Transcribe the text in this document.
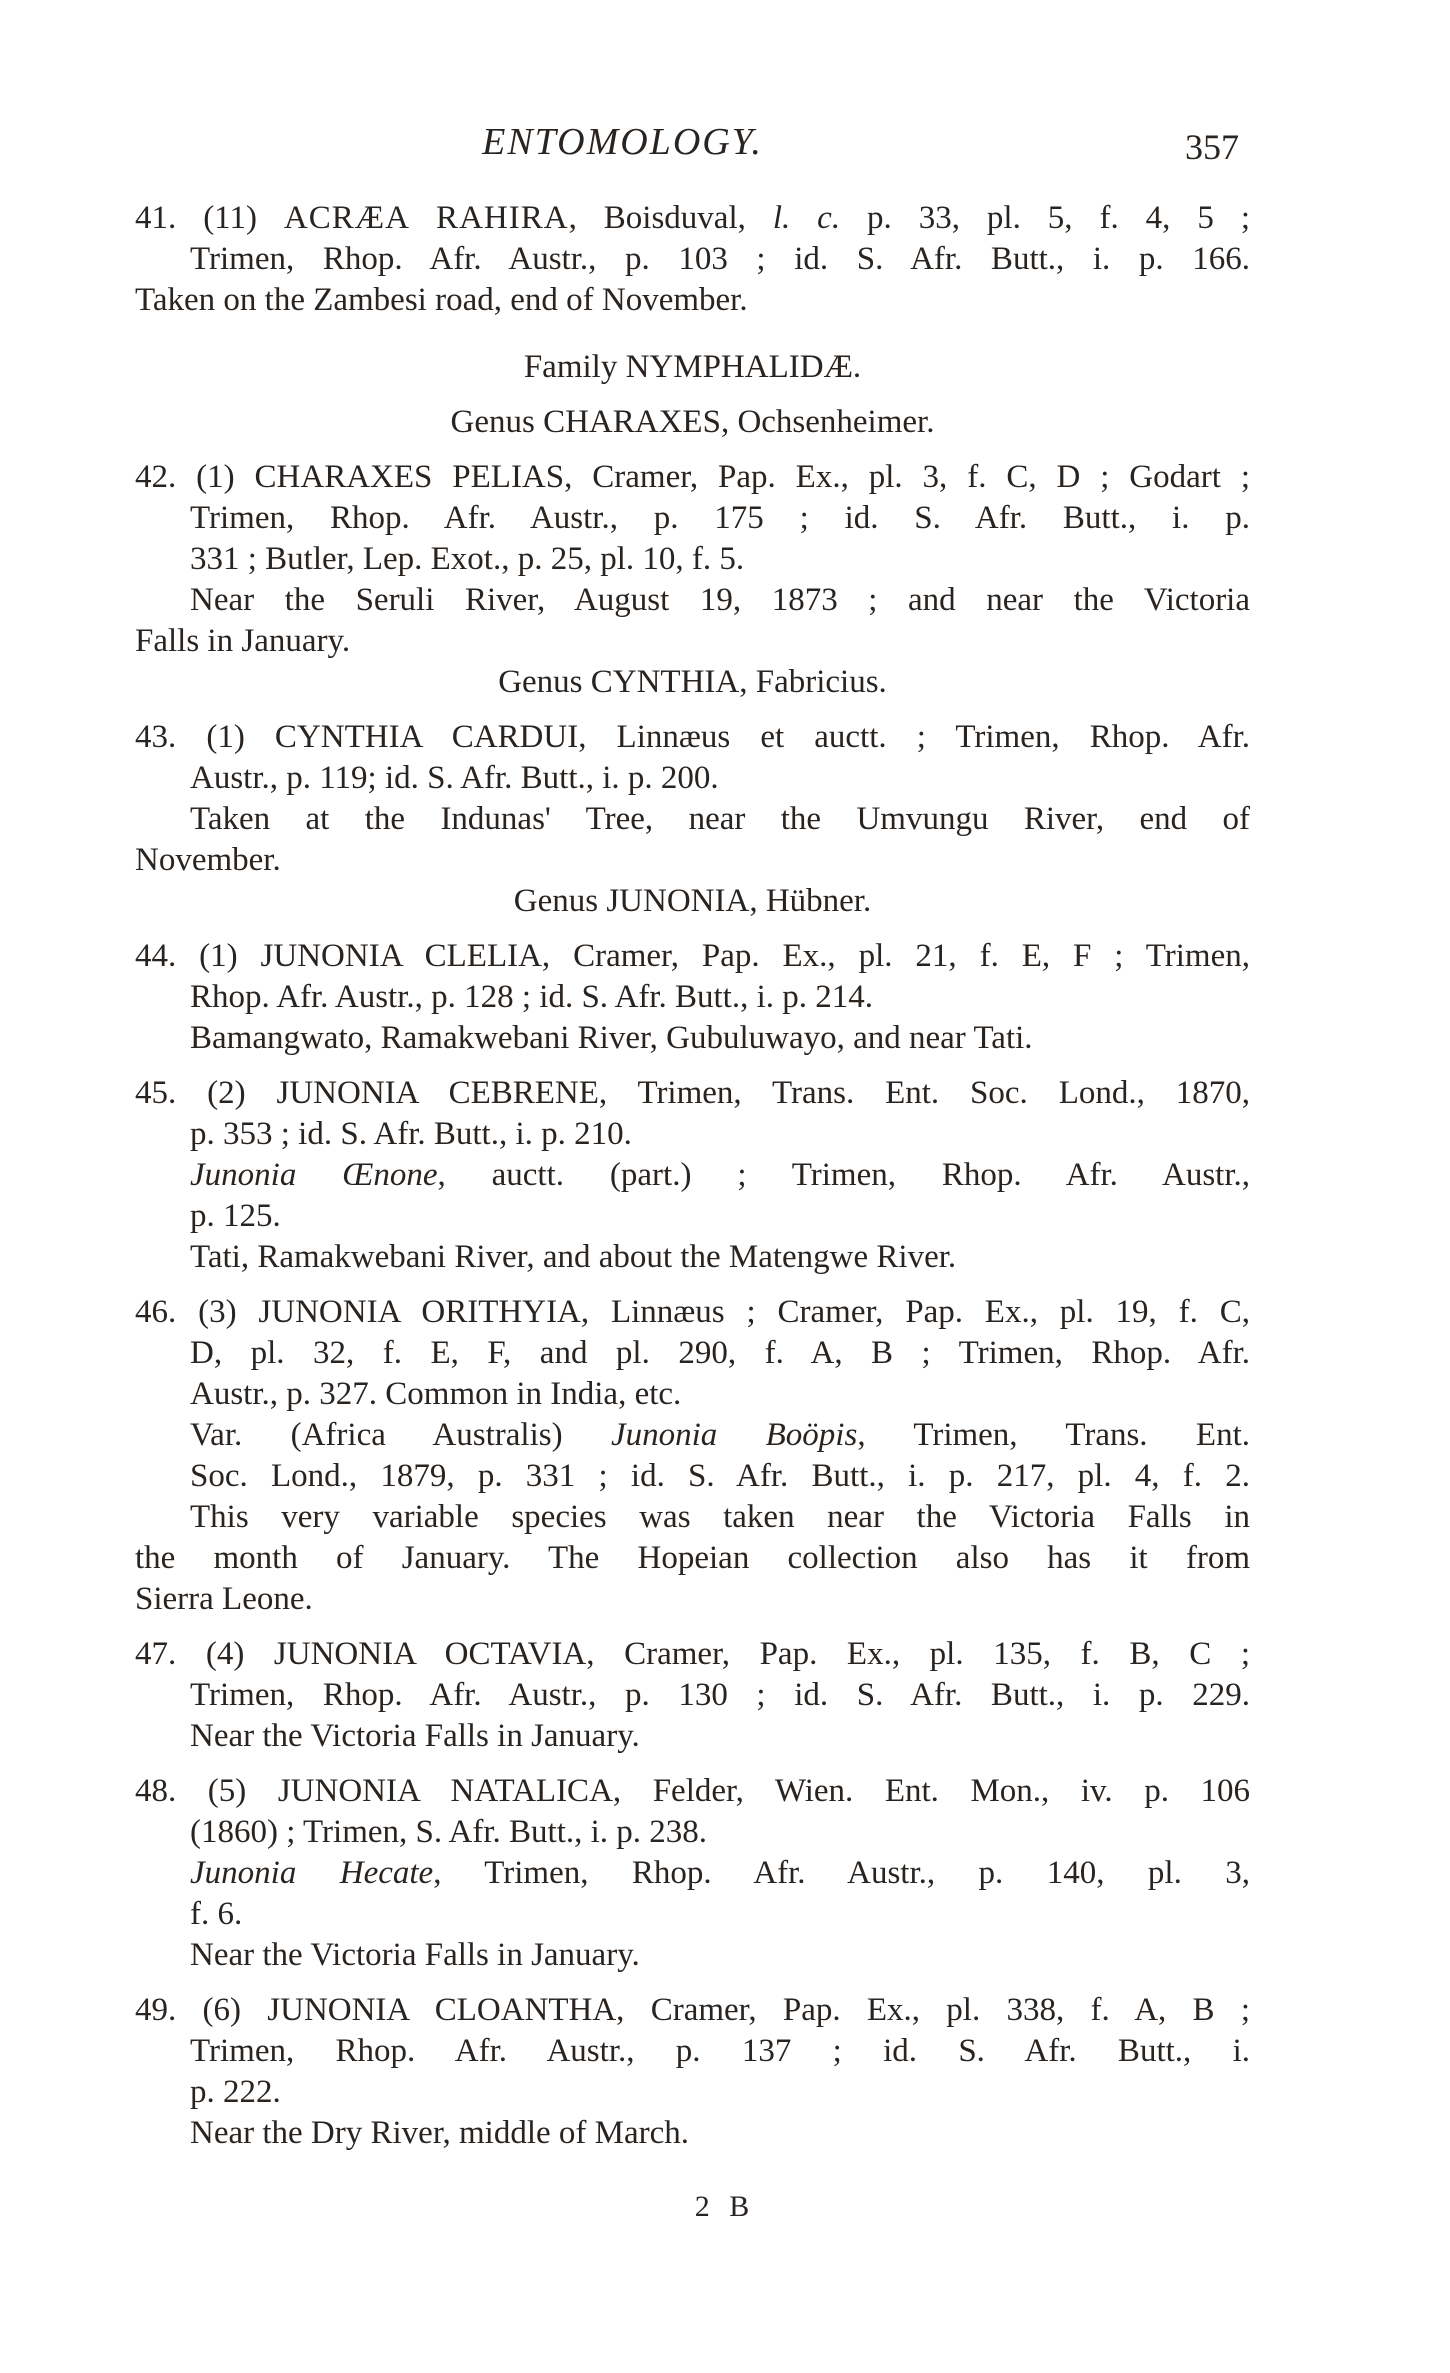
ENTOMOLOGY.	357
41. (11) ACRÆA RAHIRA, Boisduval, l. c. p. 33, pl. 5, f. 4, 5 ;
Trimen, Rhop. Afr. Austr., p. 103 ; id. S. Afr. Butt., i. p. 166.
Taken on the Zambesi road, end of November.
Family NYMPHALIDÆ.
Genus CHARAXES, Ochsenheimer.
42. (1) CHARAXES PELIAS, Cramer, Pap. Ex., pl. 3, f. C, D ; Godart ;
Trimen, Rhop. Afr. Austr., p. 175 ; id. S. Afr. Butt., i. p.
331 ; Butler, Lep. Exot., p. 25, pl. 10, f. 5.
Near the Seruli River, August 19, 1873 ; and near the Victoria
Falls in January.
Genus CYNTHIA, Fabricius.
43. (1) CYNTHIA CARDUI, Linnæus et auctt. ; Trimen, Rhop. Afr.
Austr., p. 119; id. S. Afr. Butt., i. p. 200.
Taken at the Indunas' Tree, near the Umvungu River, end of
November.
Genus JUNONIA, Hübner.
44. (1) JUNONIA CLELIA, Cramer, Pap. Ex., pl. 21, f. E, F ; Trimen,
Rhop. Afr. Austr., p. 128 ; id. S. Afr. Butt., i. p. 214.
Bamangwato, Ramakwebani River, Gubuluwayo, and near Tati.
45. (2) JUNONIA CEBRENE, Trimen, Trans. Ent. Soc. Lond., 1870,
p. 353 ; id. S. Afr. Butt., i. p. 210.
Junonia Œnone, auctt. (part.) ; Trimen, Rhop. Afr. Austr.,
p. 125.
Tati, Ramakwebani River, and about the Matengwe River.
46. (3) JUNONIA ORITHYIA, Linnæus ; Cramer, Pap. Ex., pl. 19, f. C,
D, pl. 32, f. E, F, and pl. 290, f. A, B ; Trimen, Rhop. Afr.
Austr., p. 327. Common in India, etc.
Var. (Africa Australis) Junonia Boöpis, Trimen, Trans. Ent.
Soc. Lond., 1879, p. 331 ; id. S. Afr. Butt., i. p. 217, pl. 4, f. 2.
This very variable species was taken near the Victoria Falls in
the month of January. The Hopeian collection also has it from
Sierra Leone.
47. (4) JUNONIA OCTAVIA, Cramer, Pap. Ex., pl. 135, f. B, C ;
Trimen, Rhop. Afr. Austr., p. 130 ; id. S. Afr. Butt., i. p. 229.
Near the Victoria Falls in January.
48. (5) JUNONIA NATALICA, Felder, Wien. Ent. Mon., iv. p. 106
(1860) ; Trimen, S. Afr. Butt., i. p. 238.
Junonia Hecate, Trimen, Rhop. Afr. Austr., p. 140, pl. 3,
f. 6.
Near the Victoria Falls in January.
49. (6) JUNONIA CLOANTHA, Cramer, Pap. Ex., pl. 338, f. A, B ;
Trimen, Rhop. Afr. Austr., p. 137 ; id. S. Afr. Butt., i.
p. 222.
Near the Dry River, middle of March.
2 B
